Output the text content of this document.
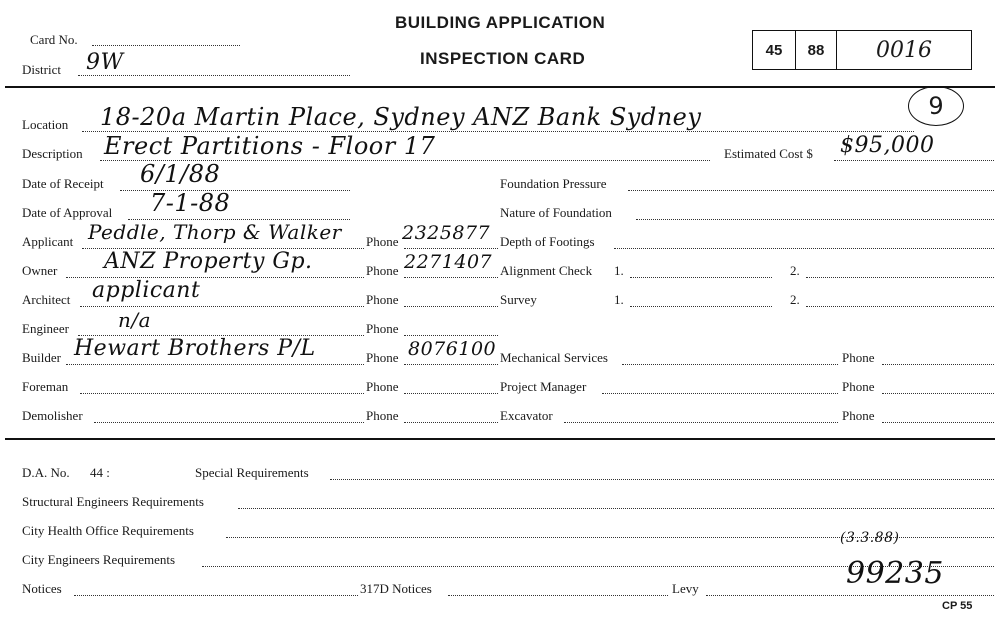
Card No.
District 9W
BUILDING APPLICATION
INSPECTION CARD	45	88	0016
Location 18-20a Martin Place, Sydney ANZ Bank Sydney	9
Description Erect Partitions - Floor 17	Estimated Cost $ $95,000
Date of Receipt 6/1/88	Foundation Pressure
Date of Approval 7-1-88	Nature of Foundation
Applicant Peddle, Thorp & Walker Phone 2325877 Depth of Footings
Owner ANZ Property Gp.	Phone 2271407 Alignment Check 1.	2.
Architect applicant	Phone	Survey	1.	2.
Engineer n/a	Phone
Builder Hewart Brothers P/L	Phone 8076100 Mechanical Services	Phone
Foreman	Phone	Project Manager	Phone
Demolisher	Phone	Excavator	Phone
D.A. No. 44 :	Special Requirements
Structural Engineers Requirements
City Health Office Requirements
City Engineers Requirements
(3.3.88)
Notices	317D Notices	Levy	99235
CP 55
